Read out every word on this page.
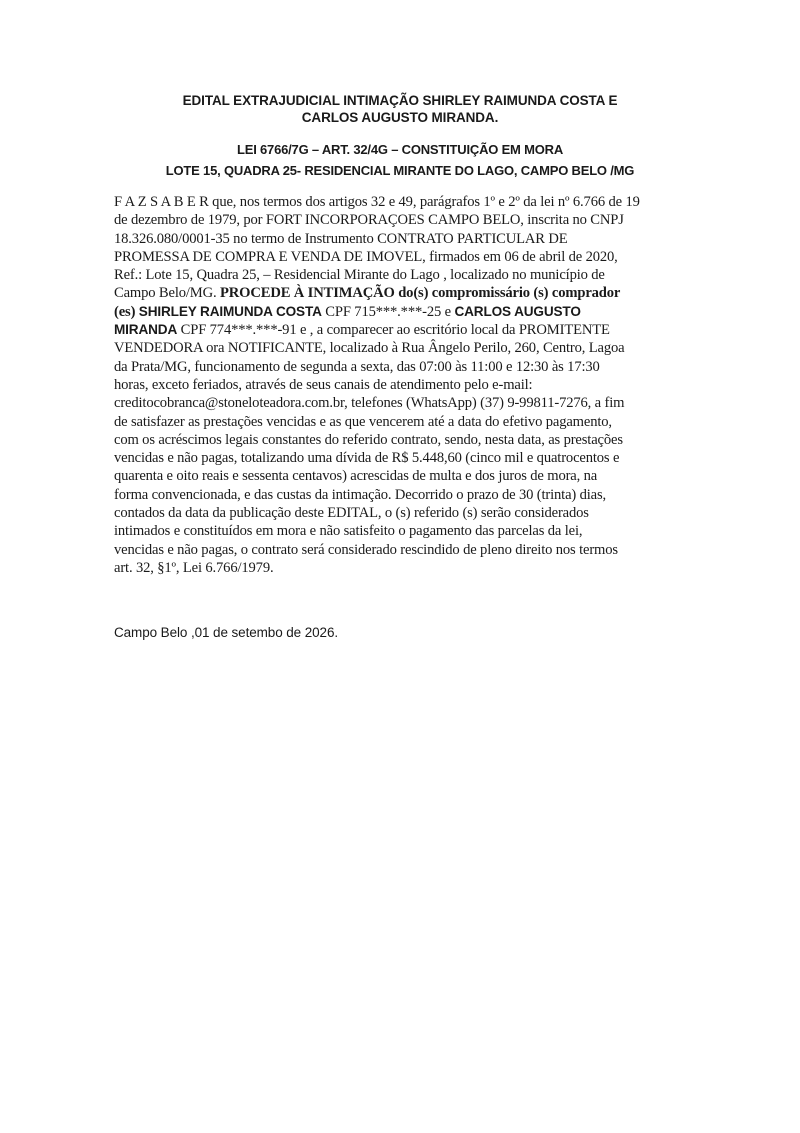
EDITAL EXTRAJUDICIAL INTIMAÇÃO SHIRLEY RAIMUNDA COSTA E
CARLOS AUGUSTO MIRANDA.
LEI 6766/7G – ART. 32/4G – CONSTITUIÇÃO EM MORA
LOTE 15, QUADRA 25- RESIDENCIAL MIRANTE DO LAGO, CAMPO BELO /MG
F A Z S A B E R que, nos termos dos artigos 32 e 49, parágrafos 1º e 2º da lei nº 6.766 de 19
de dezembro de 1979, por FORT INCORPORAÇOES CAMPO BELO, inscrita no CNPJ
18.326.080/0001-35 no termo de Instrumento CONTRATO PARTICULAR DE
PROMESSA DE COMPRA E VENDA DE IMOVEL, firmados em 06 de abril de 2020,
Ref.: Lote 15, Quadra 25, – Residencial Mirante do Lago , localizado no município de
Campo Belo/MG. PROCEDE À INTIMAÇÃO do(s) compromissário (s) comprador
(es) SHIRLEY RAIMUNDA COSTA CPF 715***.***-25 e CARLOS AUGUSTO
MIRANDA CPF 774***.***-91 e , a comparecer ao escritório local da PROMITENTE
VENDEDORA ora NOTIFICANTE, localizado à Rua Ângelo Perilo, 260, Centro, Lagoa
da Prata/MG, funcionamento de segunda a sexta, das 07:00 às 11:00 e 12:30 às 17:30
horas, exceto feriados, através de seus canais de atendimento pelo e-mail:
creditocobranca@stoneloteadora.com.br, telefones (WhatsApp) (37) 9-99811-7276, a fim
de satisfazer as prestações vencidas e as que vencerem até a data do efetivo pagamento,
com os acréscimos legais constantes do referido contrato, sendo, nesta data, as prestações
vencidas e não pagas, totalizando uma dívida de R$ 5.448,60 (cinco mil e quatrocentos e
quarenta e oito reais e sessenta centavos) acrescidas de multa e dos juros de mora, na
forma convencionada, e das custas da intimação. Decorrido o prazo de 30 (trinta) dias,
contados da data da publicação deste EDITAL, o (s) referido (s) serão considerados
intimados e constituídos em mora e não satisfeito o pagamento das parcelas da lei,
vencidas e não pagas, o contrato será considerado rescindido de pleno direito nos termos
art. 32, §1º, Lei 6.766/1979.
Campo Belo ,01 de setembo de 2026.
